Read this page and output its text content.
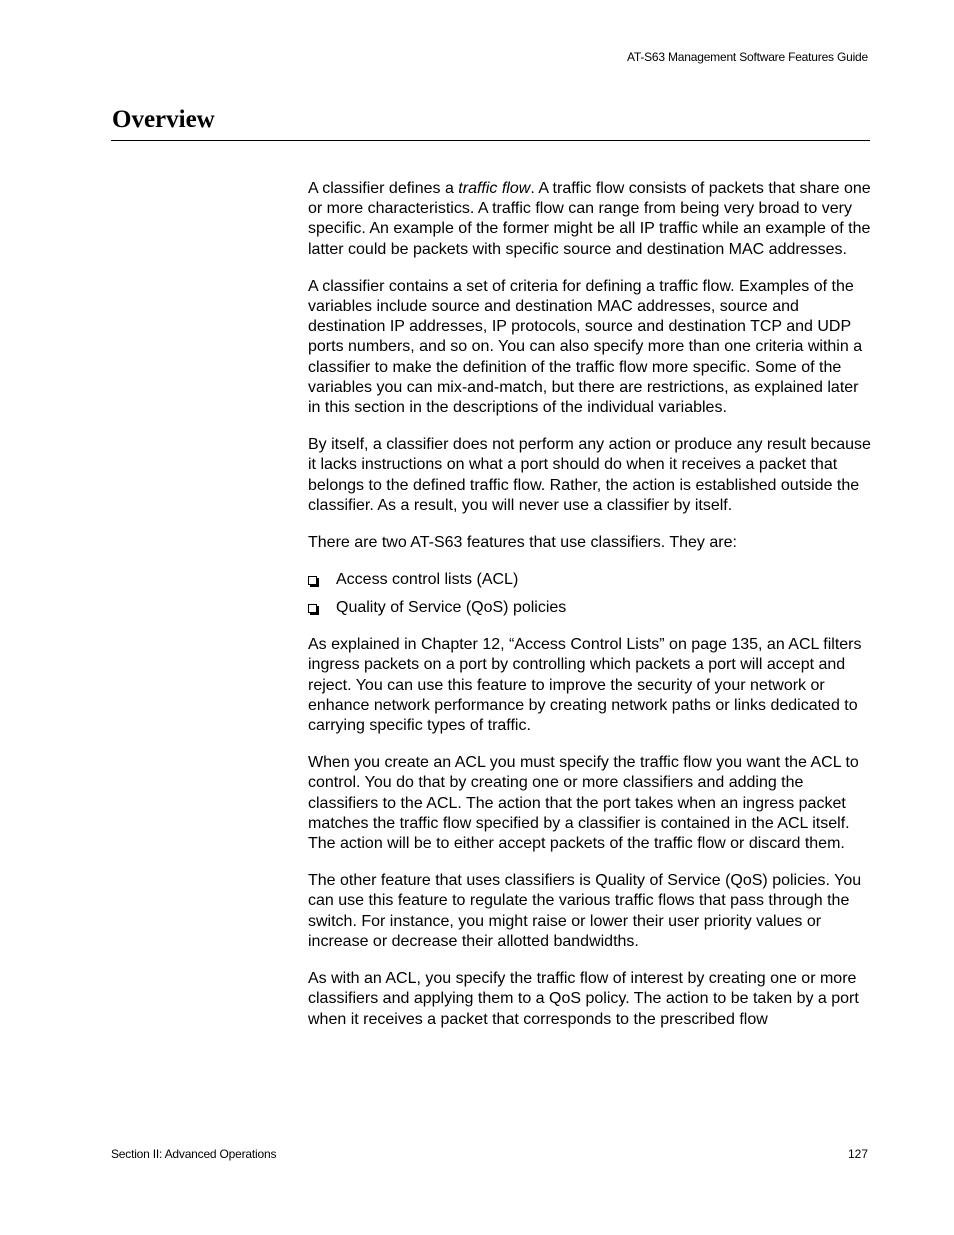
AT-S63 Management Software Features Guide
Overview

A classifier defines a traffic flow. A traffic flow consists of packets that share one or more characteristics. A traffic flow can range from being very broad to very specific. An example of the former might be all IP traffic while an example of the latter could be packets with specific source and destination MAC addresses.

A classifier contains a set of criteria for defining a traffic flow. Examples of the variables include source and destination MAC addresses, source and destination IP addresses, IP protocols, source and destination TCP and UDP ports numbers, and so on. You can also specify more than one criteria within a classifier to make the definition of the traffic flow more specific. Some of the variables you can mix-and-match, but there are restrictions, as explained later in this section in the descriptions of the individual variables.

By itself, a classifier does not perform any action or produce any result because it lacks instructions on what a port should do when it receives a packet that belongs to the defined traffic flow. Rather, the action is established outside the classifier. As a result, you will never use a classifier by itself.

There are two AT-S63 features that use classifiers. They are:

Access control lists (ACL)
Quality of Service (QoS) policies

As explained in Chapter 12, “Access Control Lists” on page 135, an ACL filters ingress packets on a port by controlling which packets a port will accept and reject. You can use this feature to improve the security of your network or enhance network performance by creating network paths or links dedicated to carrying specific types of traffic.

When you create an ACL you must specify the traffic flow you want the ACL to control. You do that by creating one or more classifiers and adding the classifiers to the ACL. The action that the port takes when an ingress packet matches the traffic flow specified by a classifier is contained in the ACL itself. The action will be to either accept packets of the traffic flow or discard them.

The other feature that uses classifiers is Quality of Service (QoS) policies. You can use this feature to regulate the various traffic flows that pass through the switch. For instance, you might raise or lower their user priority values or increase or decrease their allotted bandwidths.

As with an ACL, you specify the traffic flow of interest by creating one or more classifiers and applying them to a QoS policy. The action to be taken by a port when it receives a packet that corresponds to the prescribed flow

Section II: Advanced Operations	127
